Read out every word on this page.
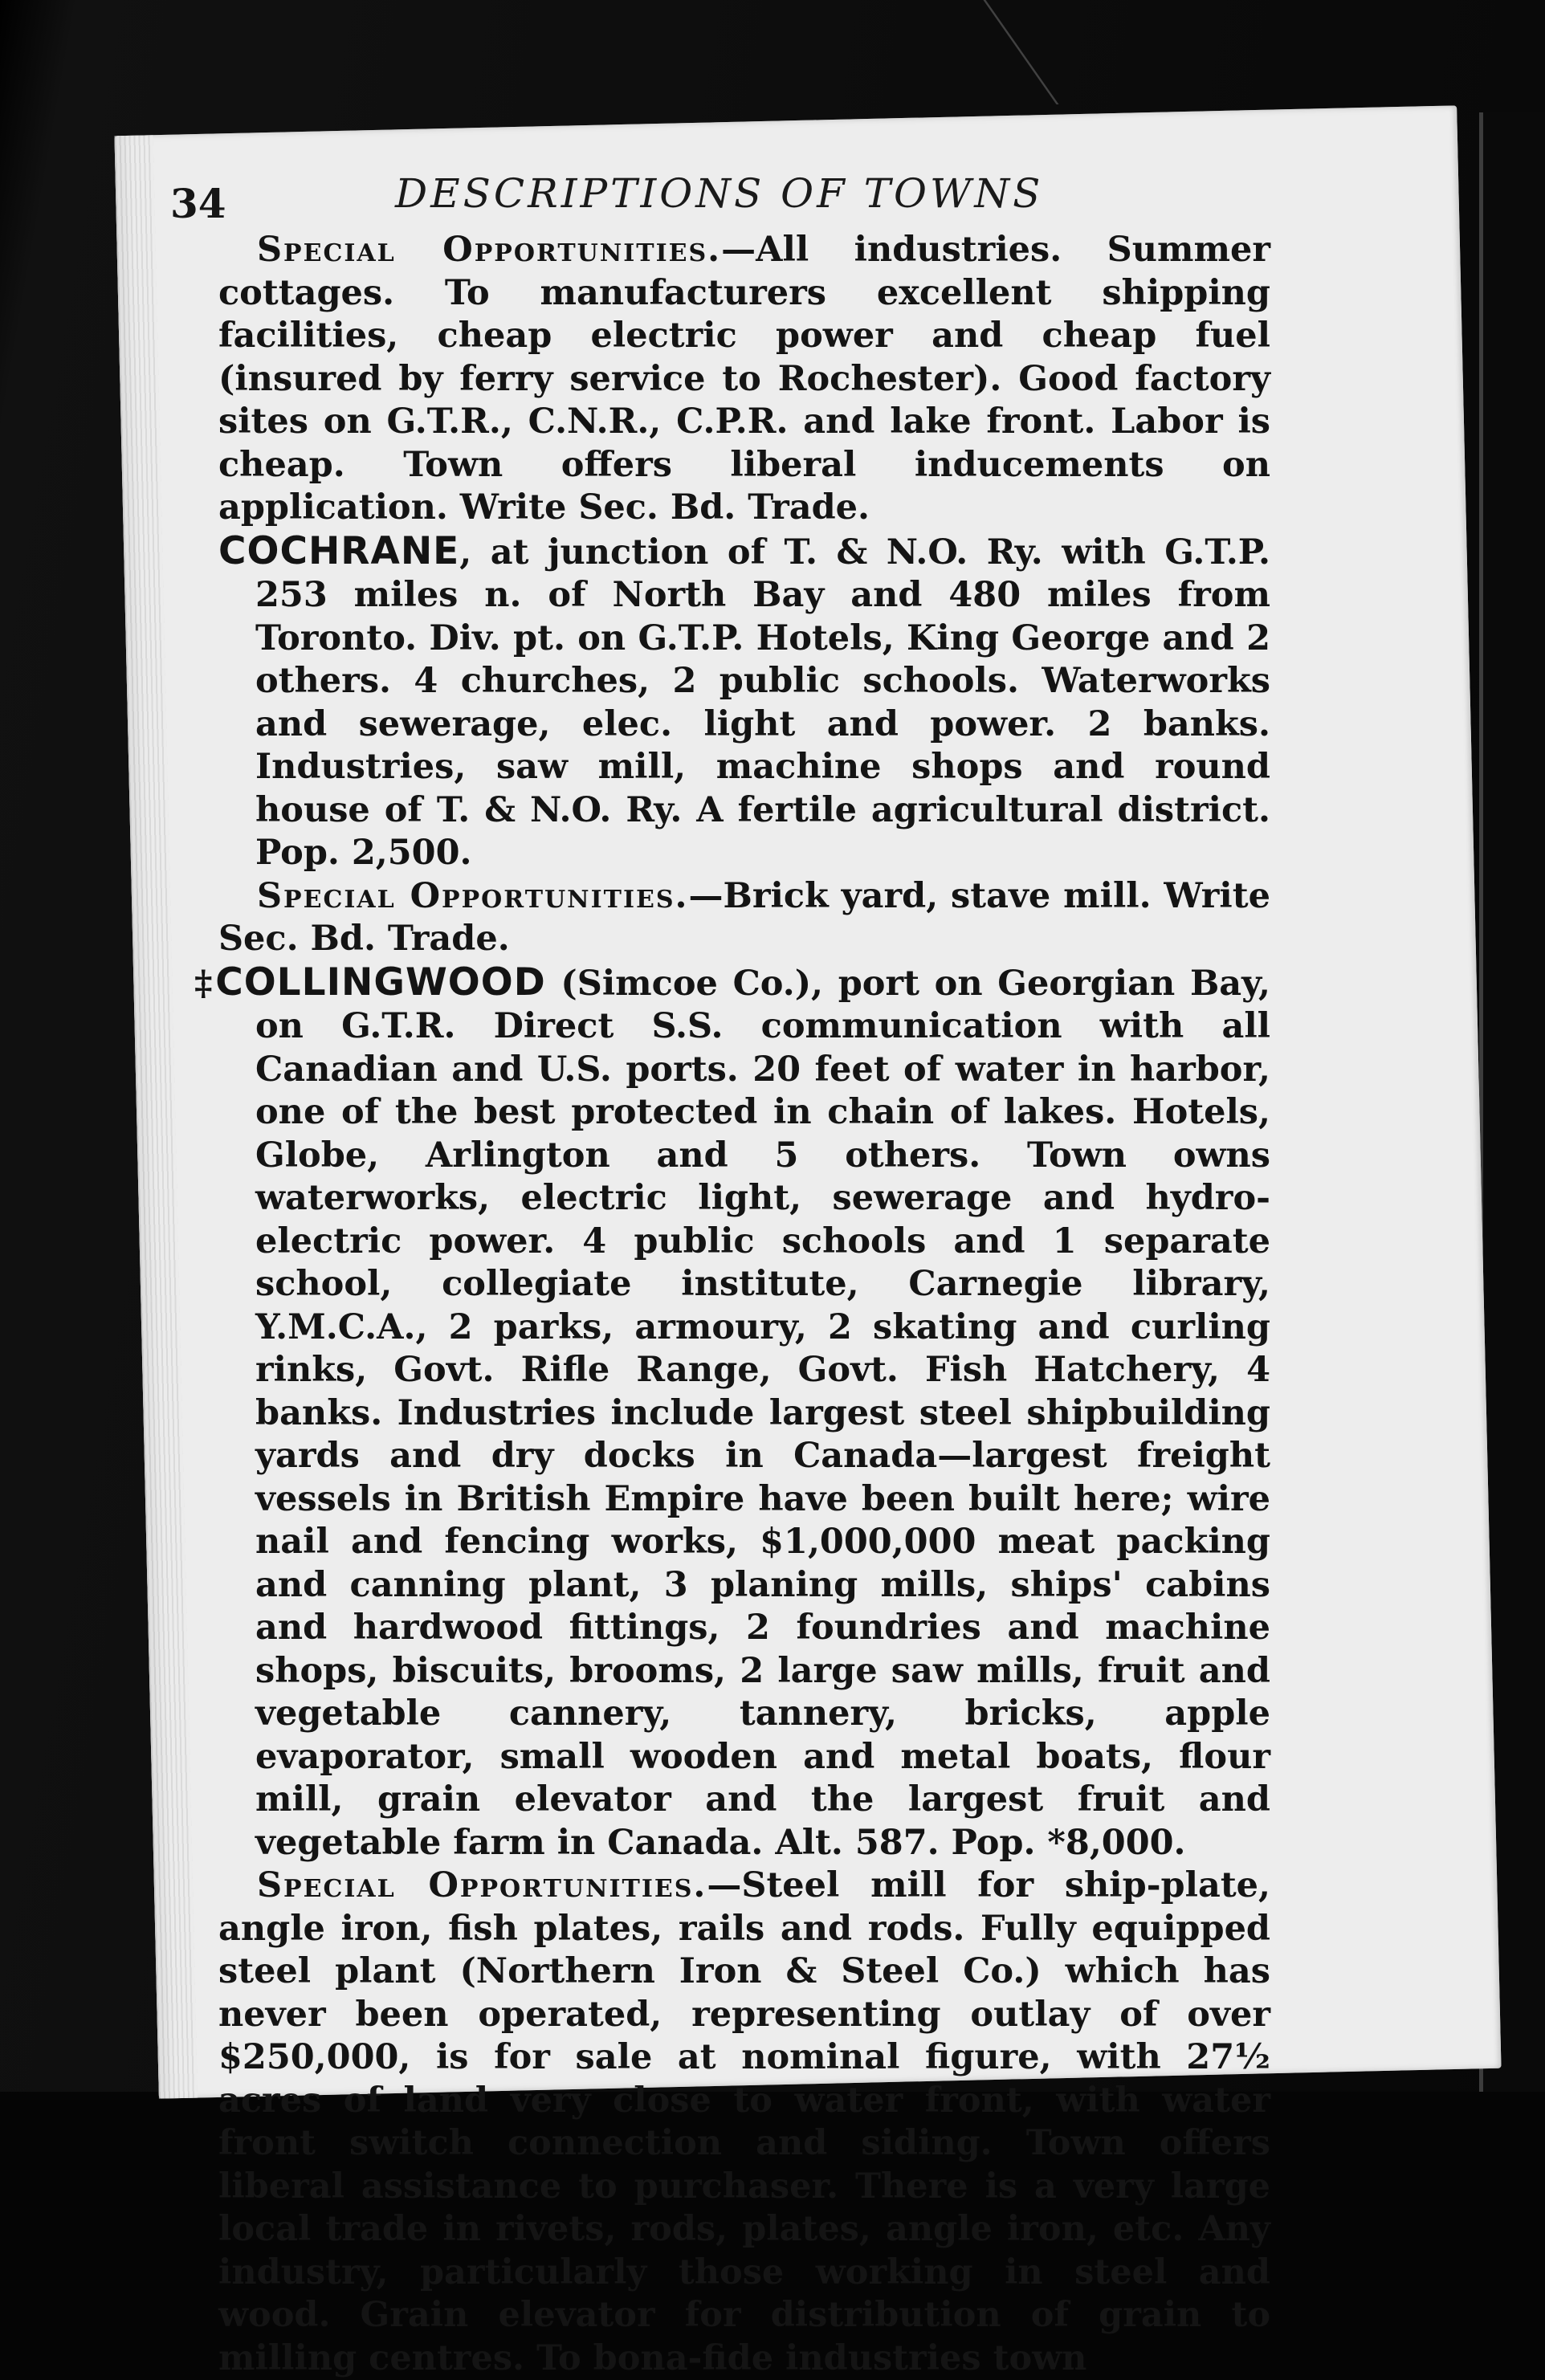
34	DESCRIPTIONS OF TOWNS

Special Opportunities.—All industries. Summer cottages. To manufacturers excellent shipping facilities, cheap electric power and cheap fuel (insured by ferry service to Rochester). Good factory sites on G.T.R., C.N.R., C.P.R. and lake front. Labor is cheap. Town offers liberal inducements on application. Write Sec. Bd. Trade.

COCHRANE, at junction of T. & N.O. Ry. with G.T.P. 253 miles n. of North Bay and 480 miles from Toronto. Div. pt. on G.T.P. Hotels, King George and 2 others. 4 churches, 2 public schools. Waterworks and sewerage, elec. light and power. 2 banks. Industries, saw mill, machine shops and round house of T. & N.O. Ry. A fertile agricultural district. Pop. 2,500.

Special Opportunities.—Brick yard, stave mill. Write Sec. Bd. Trade.

‡COLLINGWOOD (Simcoe Co.), port on Georgian Bay, on G.T.R. Direct S.S. communication with all Canadian and U.S. ports. 20 feet of water in harbor, one of the best protected in chain of lakes. Hotels, Globe, Arlington and 5 others. Town owns waterworks, electric light, sewerage and hydro-electric power. 4 public schools and 1 separate school, collegiate institute, Carnegie library, Y.M.C.A., 2 parks, armoury, 2 skating and curling rinks, Govt. Rifle Range, Govt. Fish Hatchery, 4 banks. Industries include largest steel shipbuilding yards and dry docks in Canada—largest freight vessels in British Empire have been built here; wire nail and fencing works, $1,000,000 meat packing and canning plant, 3 planing mills, ships' cabins and hardwood fittings, 2 foundries and machine shops, biscuits, brooms, 2 large saw mills, fruit and vegetable cannery, tannery, bricks, apple evaporator, small wooden and metal boats, flour mill, grain elevator and the largest fruit and vegetable farm in Canada. Alt. 587. Pop. *8,000.

Special Opportunities.—Steel mill for ship-plate, angle iron, fish plates, rails and rods. Fully equipped steel plant (Northern Iron & Steel Co.) which has never been operated, representing outlay of over $250,000, is for sale at nominal figure, with 27½ acres of land very close to water front, with water front switch connection and siding. Town offers liberal assistance to purchaser. There is a very large local trade in rivets, rods, plates, angle iron, etc. Any industry, particularly those working in steel and wood. Grain elevator for distribution of grain to milling centres. To bona-fide industries town
